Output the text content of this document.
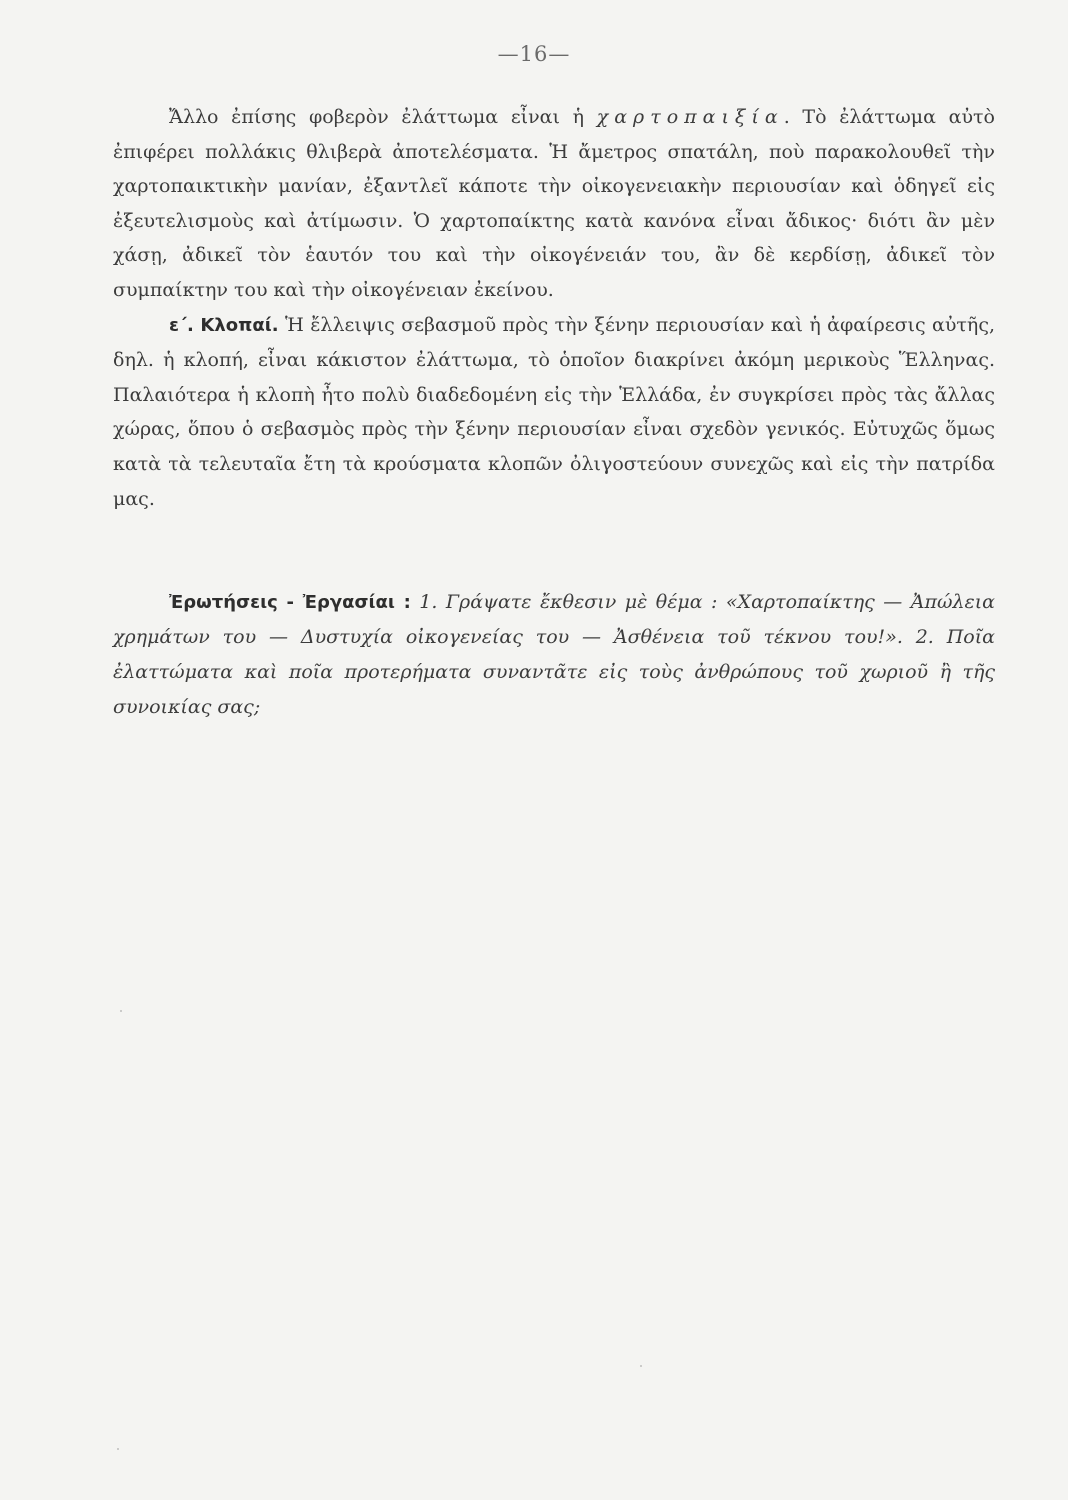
—16—

Ἄλλο ἐπίσης φοβερὸν ἐλάττωμα εἶναι ἡ χαρτοπαιξία. Τὸ ἐλάττωμα αὐτὸ ἐπιφέρει πολλάκις θλιβερὰ ἀποτελέσματα. Ἡ ἄμετρος σπατάλη, ποὺ παρακολουθεῖ τὴν χαρτοπαικτικὴν μανίαν, ἐξαντλεῖ κάποτε τὴν οἰκογενειακὴν περιουσίαν καὶ ὁδηγεῖ εἰς ἐξευτελισμοὺς καὶ ἀτίμωσιν. Ὁ χαρτοπαίκτης κατὰ κανόνα εἶναι ἄδικος· διότι ἂν μὲν χάσῃ, ἀδικεῖ τὸν ἑαυτόν του καὶ τὴν οἰκογένειάν του, ἂν δὲ κερδίσῃ, ἀδικεῖ τὸν συμπαίκτην του καὶ τὴν οἰκογένειαν ἐκείνου.

ε΄. Κλοπαί. Ἡ ἔλλειψις σεβασμοῦ πρὸς τὴν ξένην περιουσίαν καὶ ἡ ἀφαίρεσις αὐτῆς, δηλ. ἡ κλοπή, εἶναι κάκιστον ἐλάττωμα, τὸ ὁποῖον διακρίνει ἀκόμη μερικοὺς Ἕλληνας. Παλαιότερα ἡ κλοπὴ ἦτο πολὺ διαδεδομένη εἰς τὴν Ἑλλάδα, ἐν συγκρίσει πρὸς τὰς ἄλλας χώρας, ὅπου ὁ σεβασμὸς πρὸς τὴν ξένην περιουσίαν εἶναι σχεδὸν γενικός. Εὐτυχῶς ὅμως κατὰ τὰ τελευταῖα ἔτη τὰ κρούσματα κλοπῶν ὀλιγοστεύουν συνεχῶς καὶ εἰς τὴν πατρίδα μας.

Ἐρωτήσεις - Ἐργασίαι : 1. Γράψατε ἔκθεσιν μὲ θέμα : «Χαρτοπαίκτης — Ἀπώλεια χρημάτων του — Δυστυχία οἰκογενείας του — Ἀσθένεια τοῦ τέκνου του!». 2. Ποῖα ἐλαττώματα καὶ ποῖα προτερήματα συναντᾶτε εἰς τοὺς ἀνθρώπους τοῦ χωριοῦ ἢ τῆς συνοικίας σας;
